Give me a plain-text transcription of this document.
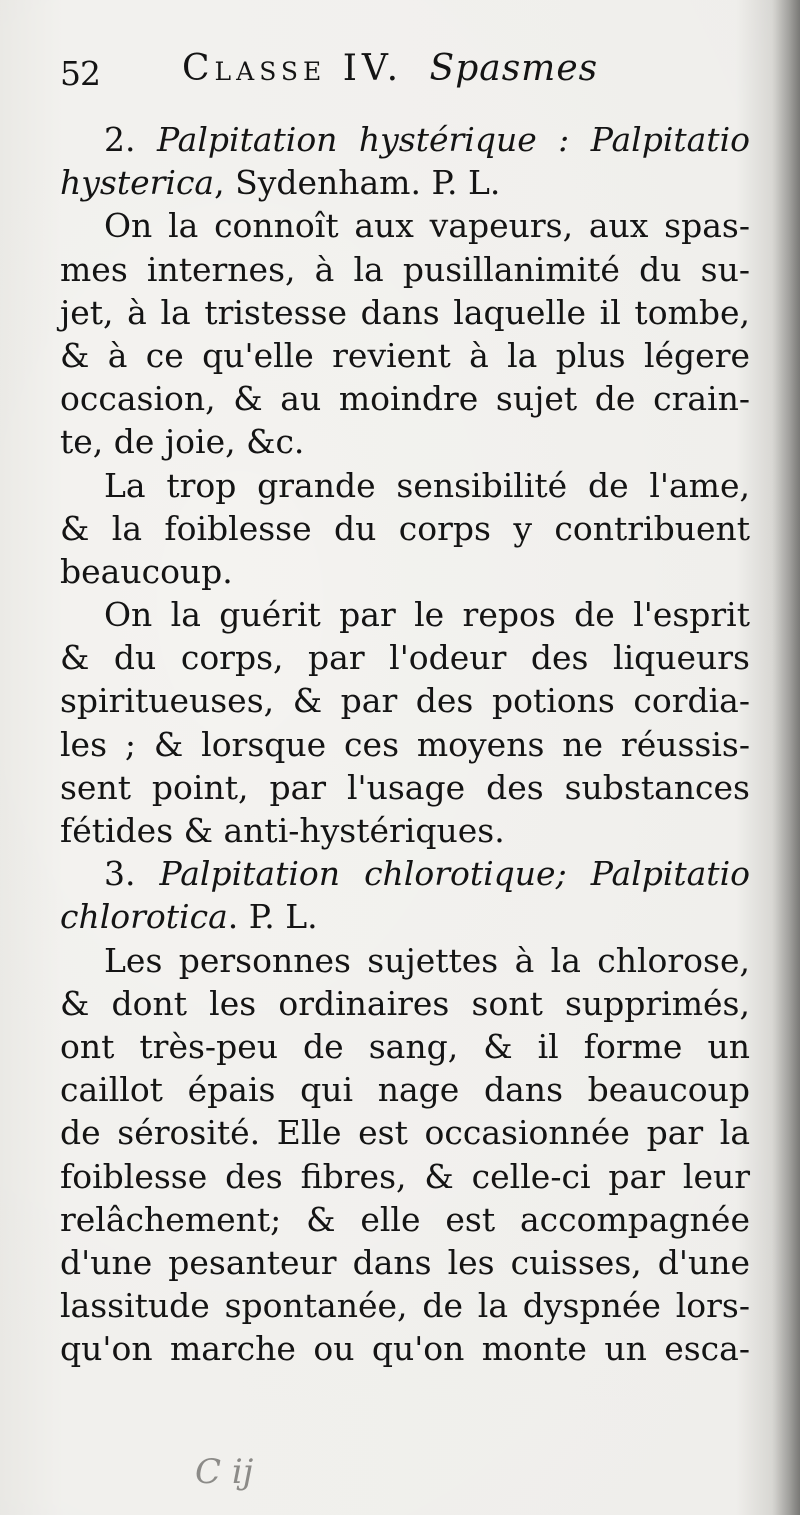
52 Classe IV. Spasmes
2. Palpitation hystérique : Palpitatio
hysterica, Sydenham. P. L.
On la connoît aux vapeurs, aux spas-
mes internes, à la pusillanimité du su-
jet, à la tristesse dans laquelle il tombe,
& à ce qu'elle revient à la plus légere
occasion, & au moindre sujet de crain-
te, de joie, &c.
La trop grande sensibilité de l'ame,
& la foiblesse du corps y contribuent
beaucoup.
On la guérit par le repos de l'esprit
& du corps, par l'odeur des liqueurs
spiritueuses, & par des potions cordia-
les ; & lorsque ces moyens ne réussis-
sent point, par l'usage des substances
fétides & anti-hystériques.
3. Palpitation chlorotique; Palpitatio
chlorotica. P. L.
Les personnes sujettes à la chlorose,
& dont les ordinaires sont supprimés,
ont très-peu de sang, & il forme un
caillot épais qui nage dans beaucoup
de sérosité. Elle est occasionnée par la
foiblesse des fibres, & celle-ci par leur
relâchement; & elle est accompagnée
d'une pesanteur dans les cuisses, d'une
lassitude spontanée, de la dyspnée lors-
qu'on marche ou qu'on monte un esca-
C ij
